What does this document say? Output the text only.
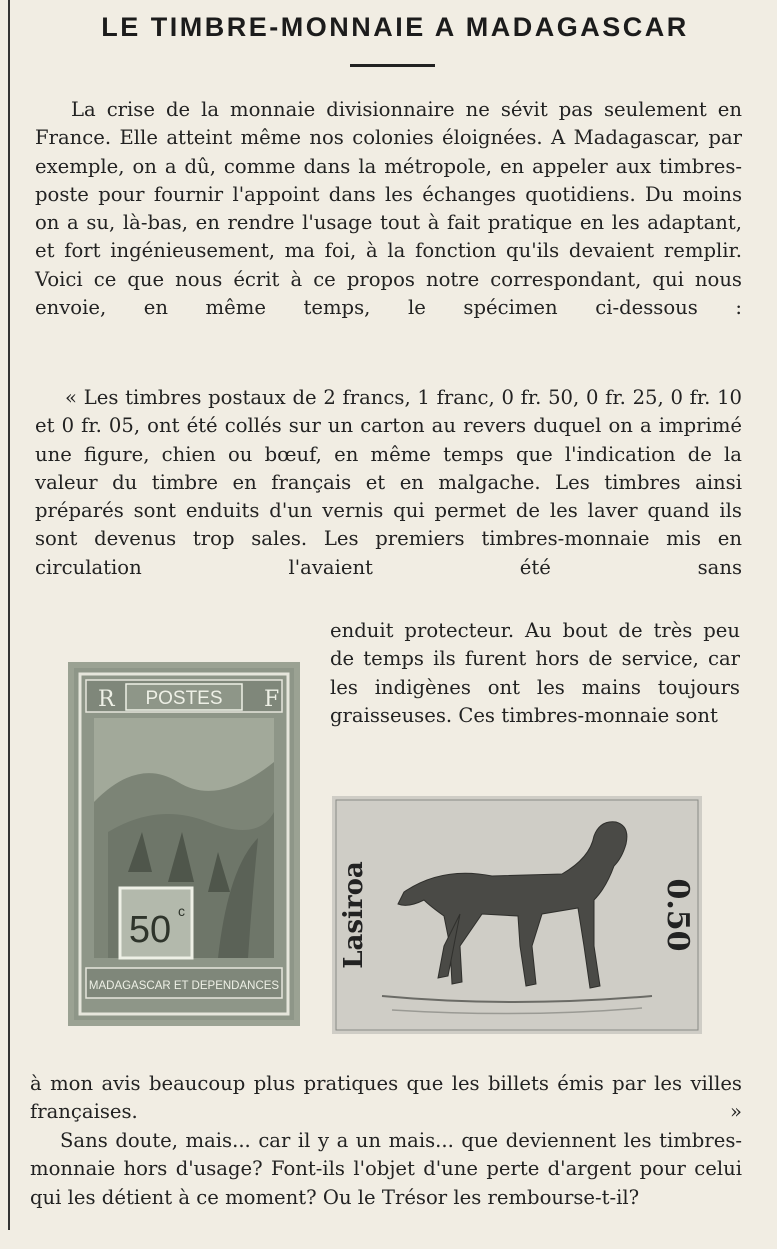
LE TIMBRE-MONNAIE A MADAGASCAR
La crise de la monnaie divisionnaire ne sévit pas seulement en France. Elle atteint même nos colonies éloignées. A Madagascar, par exemple, on a dû, comme dans la métropole, en appeler aux timbres-poste pour fournir l'appoint dans les échanges quotidiens. Du moins on a su, là-bas, en rendre l'usage tout à fait pratique en les adaptant, et fort ingénieusement, ma foi, à la fonction qu'ils devaient remplir. Voici ce que nous écrit à ce propos notre correspondant, qui nous envoie, en même temps, le spécimen ci-dessous :
« Les timbres postaux de 2 francs, 1 franc, 0 fr. 50, 0 fr. 25, 0 fr. 10 et 0 fr. 05, ont été collés sur un carton au revers duquel on a imprimé une figure, chien ou bœuf, en même temps que l'indication de la valeur du timbre en français et en malgache. Les timbres ainsi préparés sont enduits d'un vernis qui permet de les laver quand ils sont devenus trop sales. Les premiers timbres-monnaie mis en circulation l'avaient été sans
enduit protecteur. Au bout de très peu de temps ils furent hors de service, car les indigènes ont les mains toujours graisseuses. Ces timbres-monnaie sont
R	F
POSTES
50 c
MADAGASCAR ET DEPENDANCES
Lasiroa	0.50
à mon avis beaucoup plus pratiques que les billets émis par les villes françaises. »
Sans doute, mais... car il y a un mais... que deviennent les timbres-monnaie hors d'usage? Font-ils l'objet d'une perte d'argent pour celui qui les détient à ce moment? Ou le Trésor les rembourse-t-il?
